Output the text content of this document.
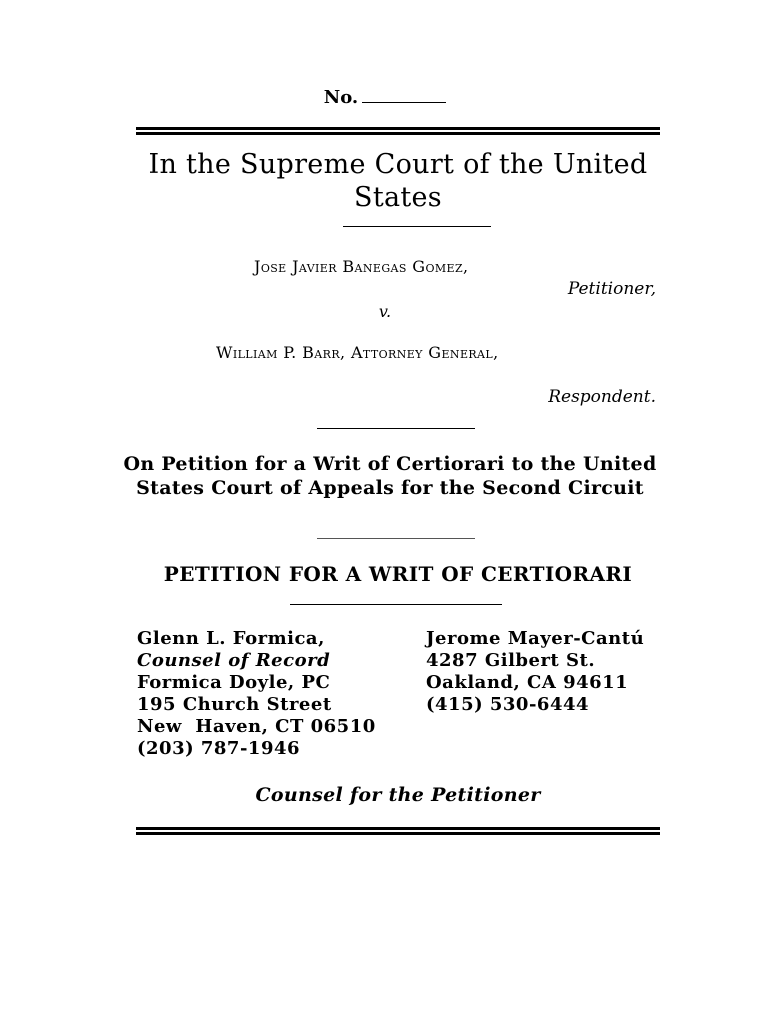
No.
In the Supreme Court of the United States
Jose Javier Banegas Gomez,
Petitioner,
v.
William P. Barr, Attorney General,
Respondent.
On Petition for a Writ of Certiorari to the United States Court of Appeals for the Second Circuit
PETITION FOR A WRIT OF CERTIORARI
Glenn L. Formica,
Counsel of Record
Formica Doyle, PC
195 Church Street
New  Haven, CT 06510
(203) 787-1946
Jerome Mayer-Cantú
4287 Gilbert St.
Oakland, CA 94611
(415) 530-6444
Counsel for the Petitioner
